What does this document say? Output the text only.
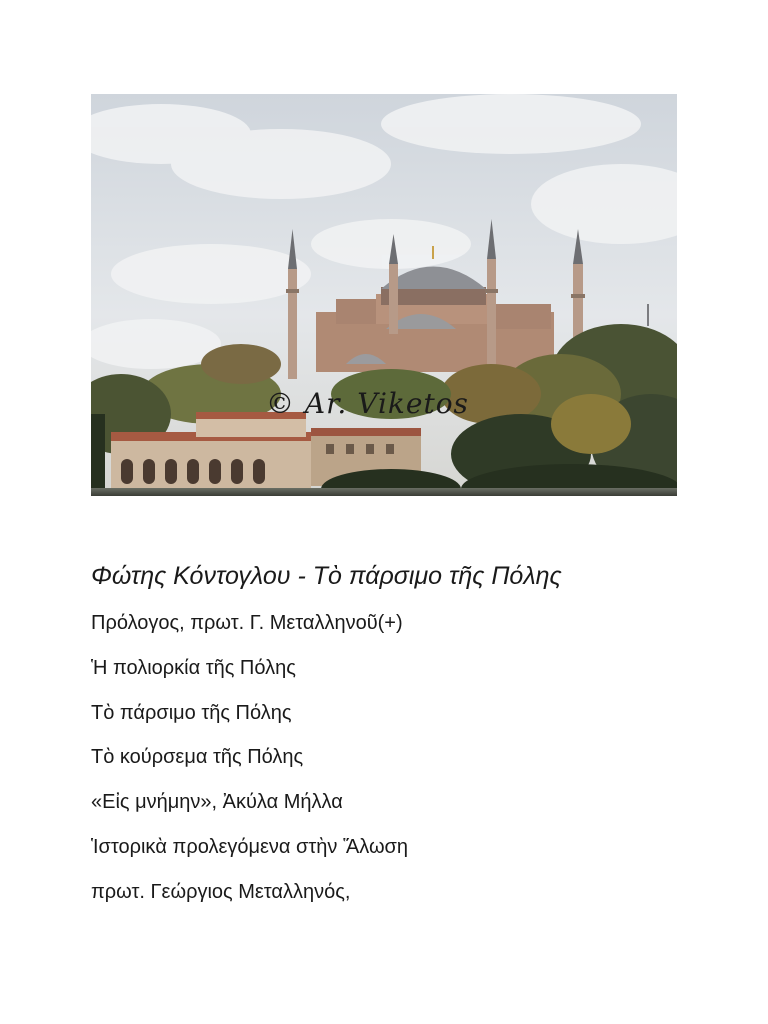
© Ar. Viketos
Φώτης Κόντογλου - Τὸ πάρσιμο τῆς Πόλης
Πρόλογος, πρωτ. Γ. Μεταλληνοῦ(+)
Ἡ πολιορκία τῆς Πόλης
Τὸ πάρσιμο τῆς Πόλης
Τὸ κούρσεμα τῆς Πόλης
«Εἰς μνήμην», Ἀκύλα Μήλλα
Ἱστορικὰ προλεγόμενα στὴν Ἅλωση
πρωτ. Γεώργιος Μεταλληνός,
